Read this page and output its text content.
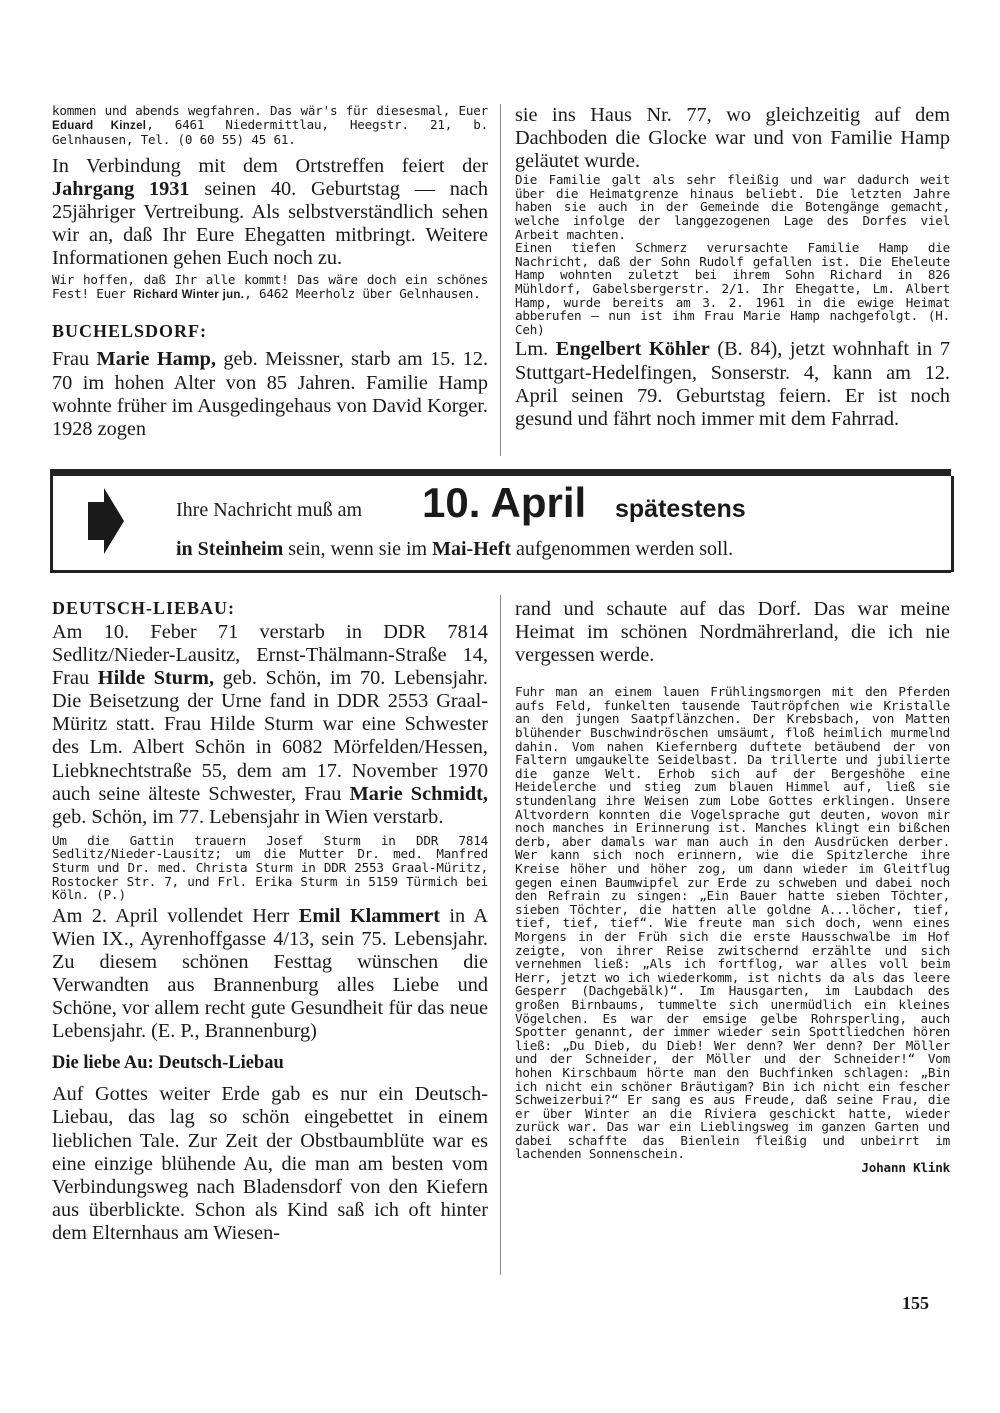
kommen und abends wegfahren. Das wär's für diesesmal, Euer Eduard Kinzel, 6461 Niedermittlau, Heegstr. 21, b. Gelnhausen, Tel. (0 60 55) 45 61.

In Verbindung mit dem Ortstreffen feiert der Jahrgang 1931 seinen 40. Geburtstag — nach 25jähriger Vertreibung. Als selbstverständlich sehen wir an, daß Ihr Eure Ehegatten mitbringt. Weitere Informationen gehen Euch noch zu.

Wir hoffen, daß Ihr alle kommt! Das wäre doch ein schönes Fest! Euer Richard Winter jun., 6462 Meerholz über Gelnhausen.

BUCHELSDORF:

Frau Marie Hamp, geb. Meissner, starb am 15. 12. 70 im hohen Alter von 85 Jahren. Familie Hamp wohnte früher im Ausgedingehaus von David Korger. 1928 zogen

sie ins Haus Nr. 77, wo gleichzeitig auf dem Dachboden die Glocke war und von Familie Hamp geläutet wurde.

Die Familie galt als sehr fleißig und war dadurch weit über die Heimatgrenze hinaus beliebt. Die letzten Jahre haben sie auch in der Gemeinde die Botengänge gemacht, welche infolge der langgezogenen Lage des Dorfes viel Arbeit machten.

Einen tiefen Schmerz verursachte Familie Hamp die Nachricht, daß der Sohn Rudolf gefallen ist. Die Eheleute Hamp wohnten zuletzt bei ihrem Sohn Richard in 826 Mühldorf, Gabelsbergerstr. 2/1. Ihr Ehegatte, Lm. Albert Hamp, wurde bereits am 3. 2. 1961 in die ewige Heimat abberufen – nun ist ihm Frau Marie Hamp nachgefolgt. (H. Ceh)

Lm. Engelbert Köhler (B. 84), jetzt wohnhaft in 7 Stuttgart-Hedelfingen, Sonserstr. 4, kann am 12. April seinen 79. Geburtstag feiern. Er ist noch gesund und fährt noch immer mit dem Fahrrad.

Ihre Nachricht muß am 10. April spätestens
in Steinheim sein, wenn sie im Mai-Heft aufgenommen werden soll.
DEUTSCH-LIEBAU:

Am 10. Feber 71 verstarb in DDR 7814 Sedlitz/Nieder-Lausitz, Ernst-Thälmann-Straße 14, Frau Hilde Sturm, geb. Schön, im 70. Lebensjahr. Die Beisetzung der Urne fand in DDR 2553 Graal-Müritz statt. Frau Hilde Sturm war eine Schwester des Lm. Albert Schön in 6082 Mörfelden/Hessen, Liebknechtstraße 55, dem am 17. November 1970 auch seine älteste Schwester, Frau Marie Schmidt, geb. Schön, im 77. Lebensjahr in Wien verstarb.

Um die Gattin trauern Josef Sturm in DDR 7814 Sedlitz/Nieder-Lausitz; um die Mutter Dr. med. Manfred Sturm und Dr. med. Christa Sturm in DDR 2553 Graal-Müritz, Rostocker Str. 7, und Frl. Erika Sturm in 5159 Türmich bei Köln. (P.)

Am 2. April vollendet Herr Emil Klammert in A Wien IX., Ayrenhoffgasse 4/13, sein 75. Lebensjahr. Zu diesem schönen Festtag wünschen die Verwandten aus Brannenburg alles Liebe und Schöne, vor allem recht gute Gesundheit für das neue Lebensjahr. (E. P., Brannenburg)

Die liebe Au: Deutsch-Liebau

Auf Gottes weiter Erde gab es nur ein Deutsch-Liebau, das lag so schön eingebettet in einem lieblichen Tale. Zur Zeit der Obstbaumblüte war es eine einzige blühende Au, die man am besten vom Verbindungsweg nach Bladensdorf von den Kiefern aus überblickte. Schon als Kind saß ich oft hinter dem Elternhaus am Wiesen-

rand und schaute auf das Dorf. Das war meine Heimat im schönen Nordmährerland, die ich nie vergessen werde.

Fuhr man an einem lauen Frühlingsmorgen mit den Pferden aufs Feld, funkelten tausende Tautröpfchen wie Kristalle an den jungen Saatpflänzchen. Der Krebsbach, von Matten blühender Buschwindröschen umsäumt, floß heimlich murmelnd dahin. Vom nahen Kiefernberg duftete betäubend der von Faltern umgaukelte Seidelbast. Da trillerte und jubilierte die ganze Welt. Erhob sich auf der Bergeshöhe eine Heidelerche und stieg zum blauen Himmel auf, ließ sie stundenlang ihre Weisen zum Lobe Gottes erklingen. Unsere Altvordern konnten die Vogelsprache gut deuten, wovon mir noch manches in Erinnerung ist. Manches klingt ein bißchen derb, aber damals war man auch in den Ausdrücken derber. Wer kann sich noch erinnern, wie die Spitzlerche ihre Kreise höher und höher zog, um dann wieder im Gleitflug gegen einen Baumwipfel zur Erde zu schweben und dabei noch den Refrain zu singen: „Ein Bauer hatte sieben Töchter, sieben Töchter, die hatten alle goldne A...löcher, tief, tief, tief, tief“. Wie freute man sich doch, wenn eines Morgens in der Früh sich die erste Hausschwalbe im Hof zeigte, von ihrer Reise zwitschernd erzählte und sich vernehmen ließ: „Als ich fortflog, war alles voll beim Herr, jetzt wo ich wiederkomm, ist nichts da als das leere Gesperr (Dachgebälk)“. Im Hausgarten, im Laubdach des großen Birnbaums, tummelte sich unermüdlich ein kleines Vögelchen. Es war der emsige gelbe Rohrsperling, auch Spotter genannt, der immer wieder sein Spottliedchen hören ließ: „Du Dieb, du Dieb! Wer denn? Wer denn? Der Möller und der Schneider, der Möller und der Schneider!“ Vom hohen Kirschbaum hörte man den Buchfinken schlagen: „Bin ich nicht ein schöner Bräutigam? Bin ich nicht ein fescher Schweizerbui?“ Er sang es aus Freude, daß seine Frau, die er über Winter an die Riviera geschickt hatte, wieder zurück war. Das war ein Lieblingsweg im ganzen Garten und dabei schaffte das Bienlein fleißig und unbeirrt im lachenden Sonnenschein.

Johann Klink
155
